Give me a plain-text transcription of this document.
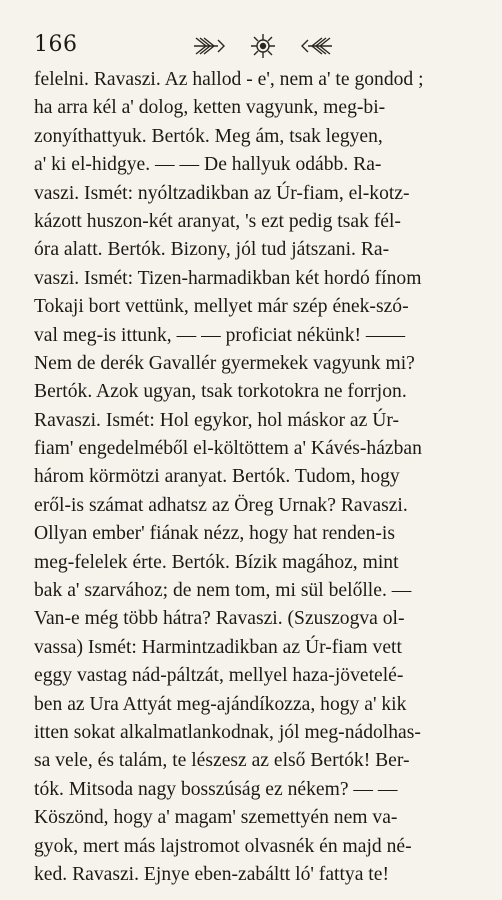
166
felelni. Ravaszi. Az hallod - e', nem a' te gondod ;
ha arra kél a' dolog, ketten vagyunk, meg-bi-
zonyíthattyuk. Bertók. Meg ám, tsak legyen,
a' ki el-hidgye. — — De hallyuk odább. Ra-
vaszi. Ismét: nyóltzadikban az Úr-fiam, el-kotz-
kázott huszon-két aranyat, 's ezt pedig tsak fél-
óra alatt. Bertók. Bizony, jól tud játszani. Ra-
vaszi. Ismét: Tizen-harmadikban két hordó fínom
Tokaji bort vettünk, mellyet már szép ének-szó-
val meg-is ittunk, — — proficiat nékünk! ——
Nem de derék Gavallér gyermekek vagyunk mi?
Bertók. Azok ugyan, tsak torkotokra ne forrjon.
Ravaszi. Ismét: Hol egykor, hol máskor az Úr-
fiam' engedelméből el-költöttem a' Kávés-házban
három körmötzi aranyat. Bertók. Tudom, hogy
eről-is számat adhatsz az Öreg Urnak? Ravaszi.
Ollyan ember' fiának nézz, hogy hat renden-is
meg-felelek érte. Bertók. Bízik magához, mint
bak a' szarvához; de nem tom, mi sül belőlle. —
Van-e még több hátra? Ravaszi. (Szuszogva ol-
vassa) Ismét: Harmintzadikban az Úr-fiam vett
eggy vastag nád-páltzát, mellyel haza-jövetelé-
ben az Ura Attyát meg-ajándíkozza, hogy a' kik
itten sokat alkalmatlankodnak, jól meg-nádolhas-
sa vele, és talám, te lészesz az első Bertók! Ber-
tók. Mitsoda nagy bosszúság ez nékem? — —
Köszönd, hogy a' magam' szemettyén nem va-
gyok, mert más lajstromot olvasnék én majd né-
ked. Ravaszi. Ejnye eben-zabáltt ló' fattya te!
